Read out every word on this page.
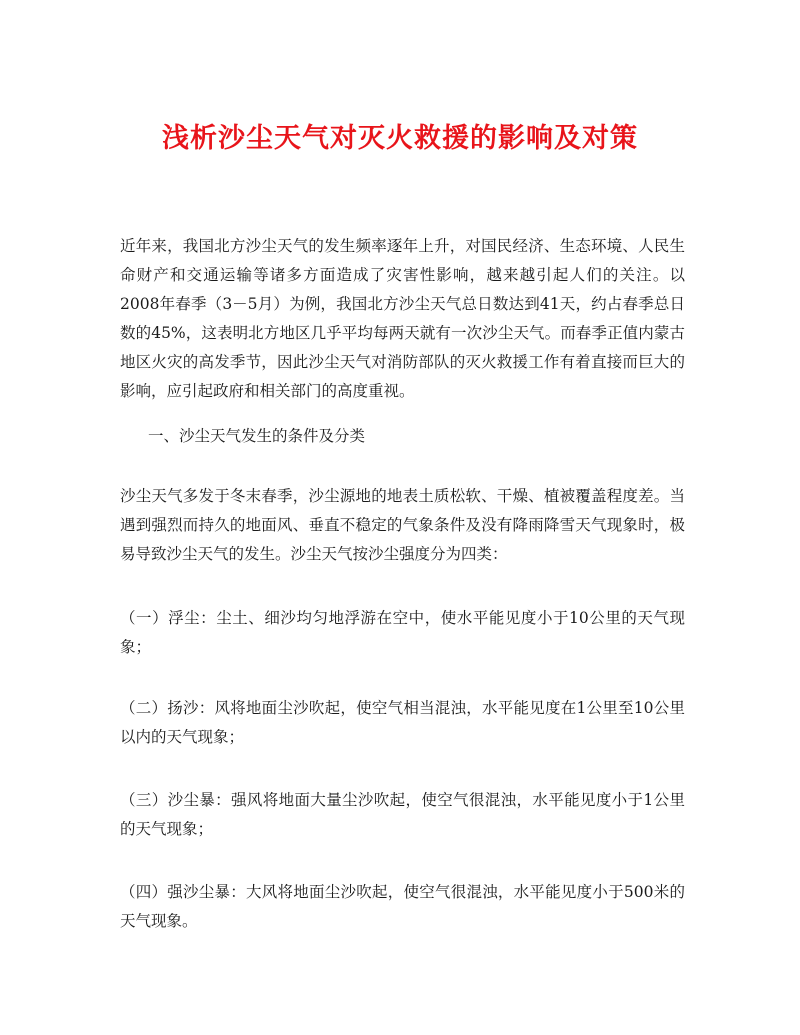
浅析沙尘天气对灭火救援的影响及对策

近年来，我国北方沙尘天气的发生频率逐年上升，对国民经济、生态环境、人民生命财产和交通运输等诸多方面造成了灾害性影响，越来越引起人们的关注。以2008年春季（3－5月）为例，我国北方沙尘天气总日数达到41天，约占春季总日数的45%，这表明北方地区几乎平均每两天就有一次沙尘天气。而春季正值内蒙古地区火灾的高发季节，因此沙尘天气对消防部队的灭火救援工作有着直接而巨大的影响，应引起政府和相关部门的高度重视。

一、沙尘天气发生的条件及分类

沙尘天气多发于冬末春季，沙尘源地的地表土质松软、干燥、植被覆盖程度差。当遇到强烈而持久的地面风、垂直不稳定的气象条件及没有降雨降雪天气现象时，极易导致沙尘天气的发生。沙尘天气按沙尘强度分为四类：

（一）浮尘：尘土、细沙均匀地浮游在空中，使水平能见度小于10公里的天气现象；

（二）扬沙：风将地面尘沙吹起，使空气相当混浊，水平能见度在1公里至10公里以内的天气现象；

（三）沙尘暴：强风将地面大量尘沙吹起，使空气很混浊，水平能见度小于1公里的天气现象；

（四）强沙尘暴：大风将地面尘沙吹起，使空气很混浊，水平能见度小于500米的天气现象。
